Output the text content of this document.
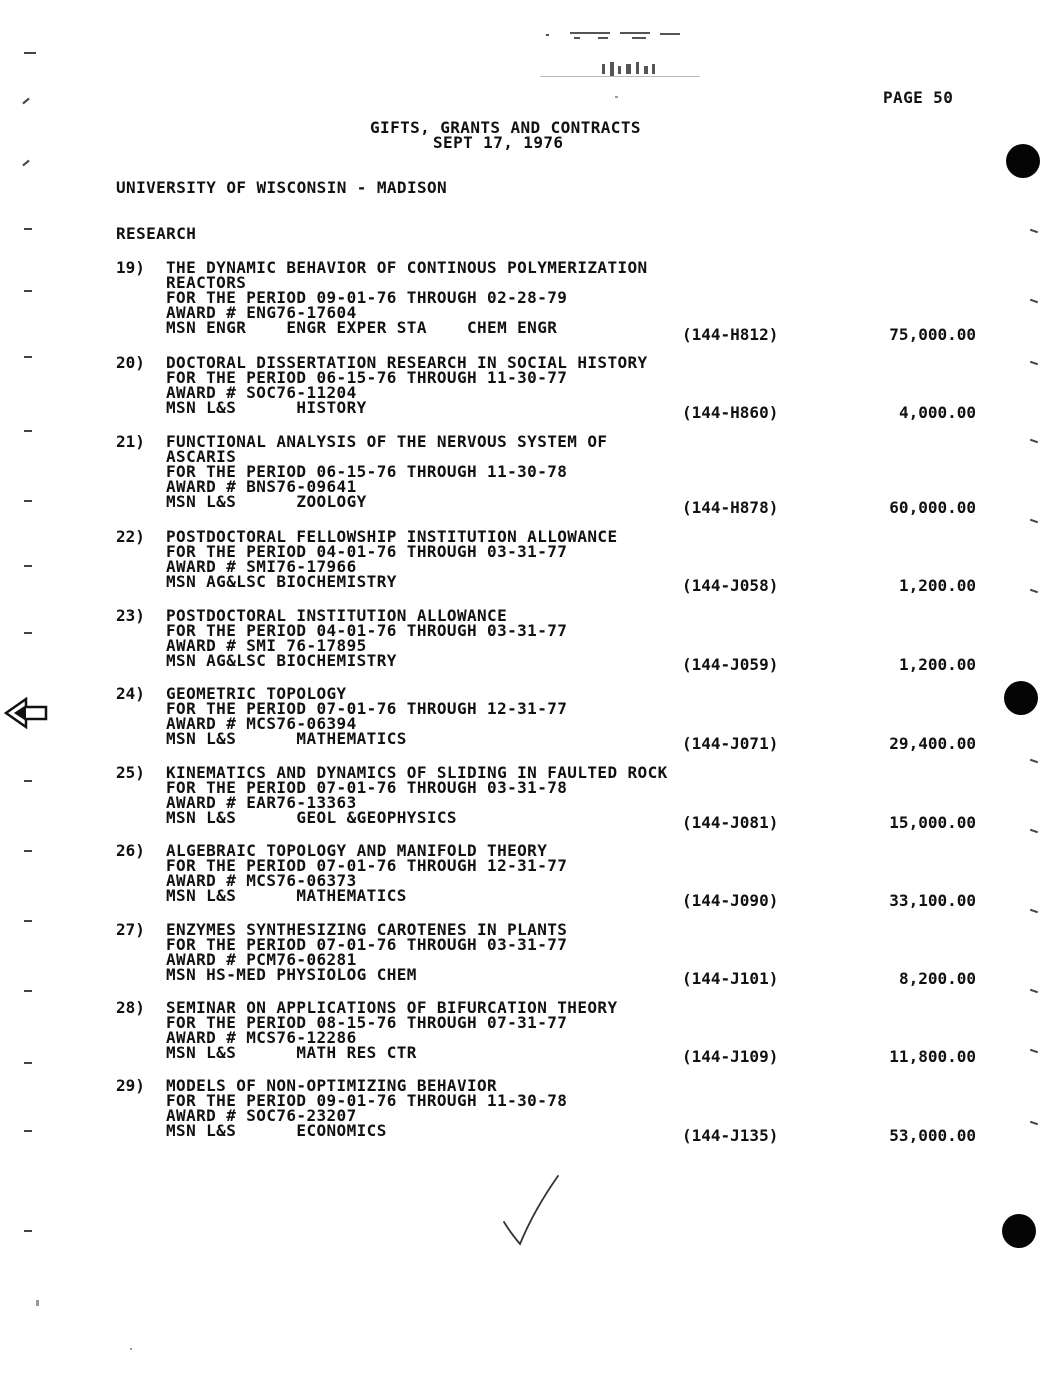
PAGE 50
GIFTS, GRANTS AND CONTRACTS
SEPT 17, 1976
UNIVERSITY OF WISCONSIN - MADISON
RESEARCH
19) THE DYNAMIC BEHAVIOR OF CONTINOUS POLYMERIZATION
REACTORS
FOR THE PERIOD 09-01-76 THROUGH 02-28-79
AWARD # ENG76-17604
MSN ENGR    ENGR EXPER STA    CHEM ENGR	(144-H812)	75,000.00
20) DOCTORAL DISSERTATION RESEARCH IN SOCIAL HISTORY
FOR THE PERIOD 06-15-76 THROUGH 11-30-77
AWARD # SOC76-11204
MSN L&S      HISTORY	(144-H860)	4,000.00
21) FUNCTIONAL ANALYSIS OF THE NERVOUS SYSTEM OF
ASCARIS
FOR THE PERIOD 06-15-76 THROUGH 11-30-78
AWARD # BNS76-09641
MSN L&S      ZOOLOGY	(144-H878)	60,000.00
22) POSTDOCTORAL FELLOWSHIP INSTITUTION ALLOWANCE
FOR THE PERIOD 04-01-76 THROUGH 03-31-77
AWARD # SMI76-17966
MSN AG&LSC BIOCHEMISTRY	(144-J058)	1,200.00
23) POSTDOCTORAL INSTITUTION ALLOWANCE
FOR THE PERIOD 04-01-76 THROUGH 03-31-77
AWARD # SMI 76-17895
MSN AG&LSC BIOCHEMISTRY	(144-J059)	1,200.00
24) GEOMETRIC TOPOLOGY
FOR THE PERIOD 07-01-76 THROUGH 12-31-77
AWARD # MCS76-06394
MSN L&S      MATHEMATICS	(144-J071)	29,400.00
25) KINEMATICS AND DYNAMICS OF SLIDING IN FAULTED ROCK
FOR THE PERIOD 07-01-76 THROUGH 03-31-78
AWARD # EAR76-13363
MSN L&S      GEOL &GEOPHYSICS	(144-J081)	15,000.00
26) ALGEBRAIC TOPOLOGY AND MANIFOLD THEORY
FOR THE PERIOD 07-01-76 THROUGH 12-31-77
AWARD # MCS76-06373
MSN L&S      MATHEMATICS	(144-J090)	33,100.00
27) ENZYMES SYNTHESIZING CAROTENES IN PLANTS
FOR THE PERIOD 07-01-76 THROUGH 03-31-77
AWARD # PCM76-06281
MSN HS-MED PHYSIOLOG CHEM	(144-J101)	8,200.00
28) SEMINAR ON APPLICATIONS OF BIFURCATION THEORY
FOR THE PERIOD 08-15-76 THROUGH 07-31-77
AWARD # MCS76-12286
MSN L&S      MATH RES CTR	(144-J109)	11,800.00
29) MODELS OF NON-OPTIMIZING BEHAVIOR
FOR THE PERIOD 09-01-76 THROUGH 11-30-78
AWARD # SOC76-23207
MSN L&S      ECONOMICS	(144-J135)	53,000.00
